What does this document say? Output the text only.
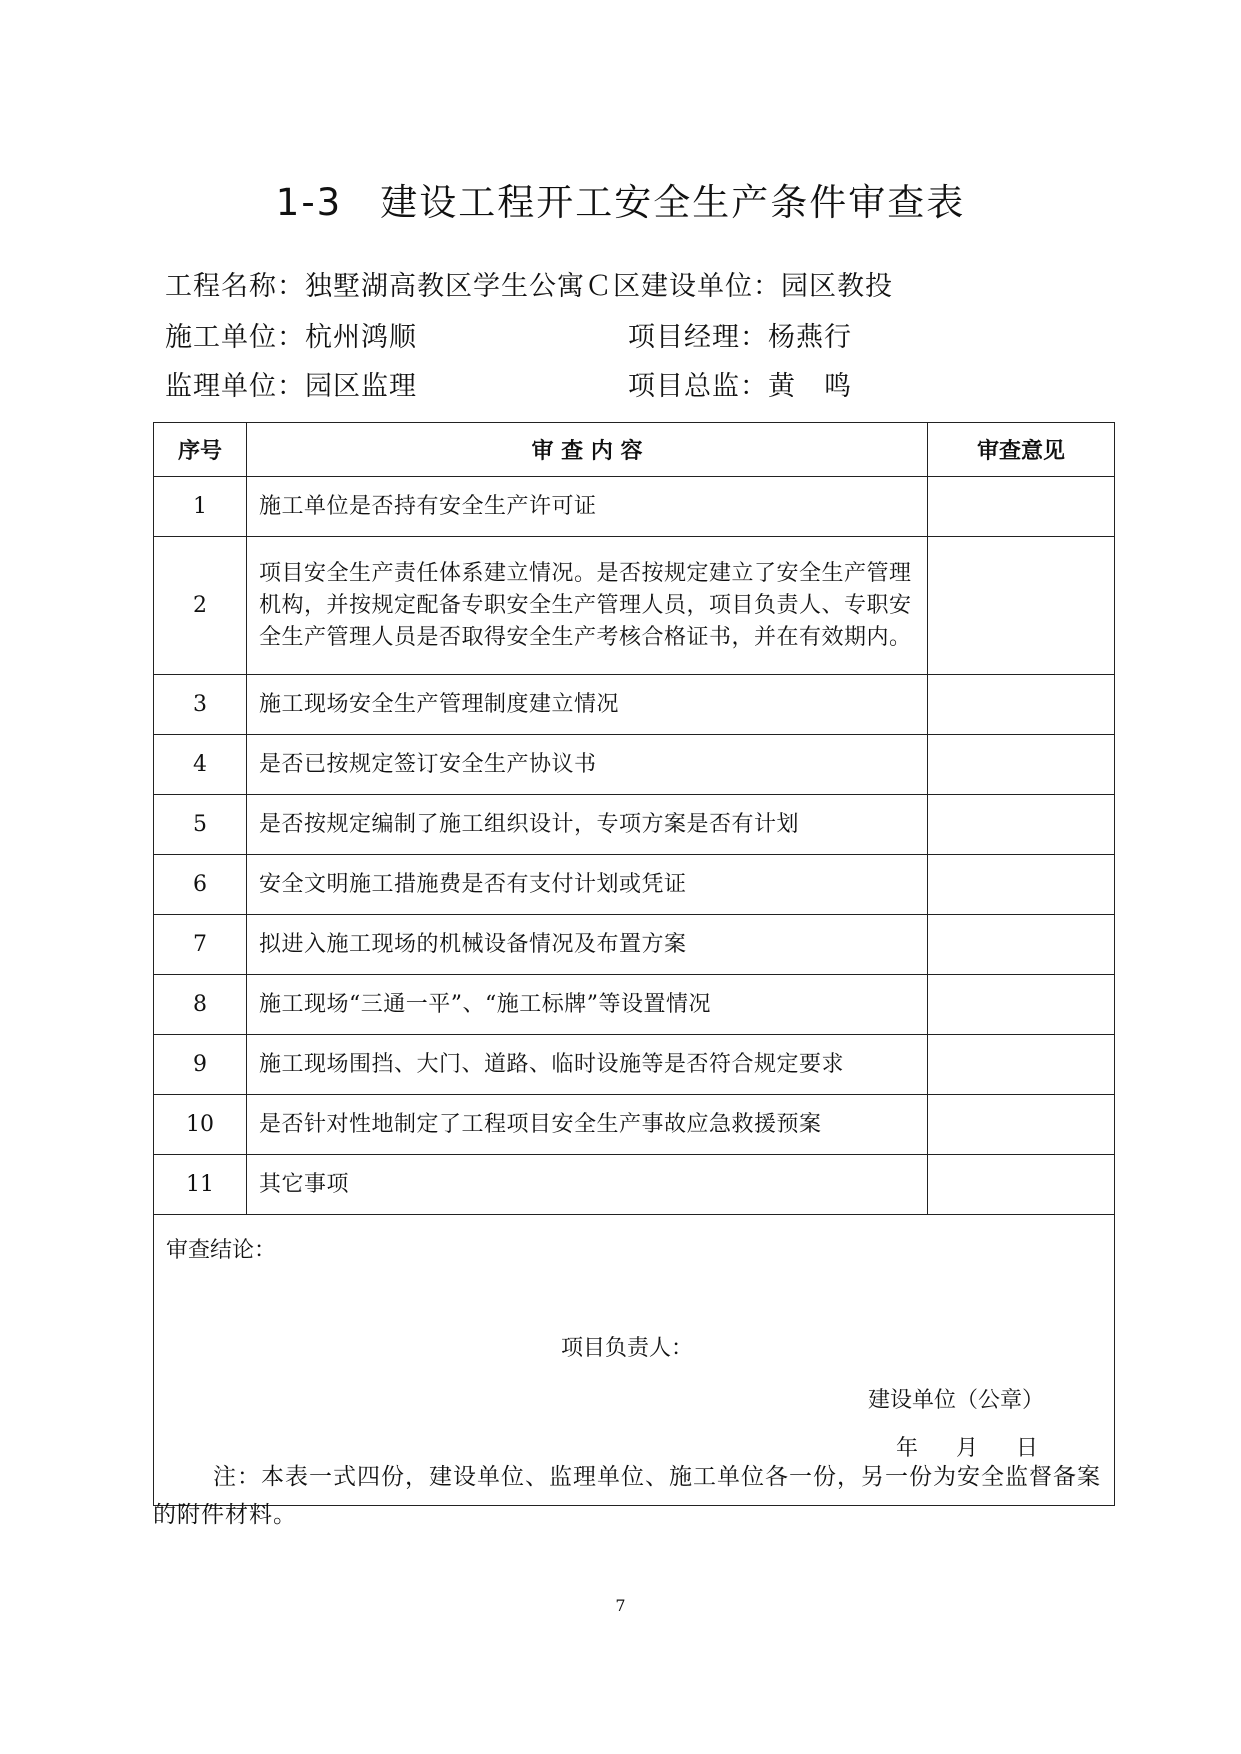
1-3 建设工程开工安全生产条件审查表
工程名称：独墅湖高教区学生公寓Ｃ区建设单位：园区教投
施工单位：杭州鸿顺	项目经理：杨燕行
监理单位：园区监理	项目总监：黄　鸣
序号	审 查 内 容	审查意见
1	施工单位是否持有安全生产许可证	
2	项目安全生产责任体系建立情况。是否按规定建立了安全生产管理机构，并按规定配备专职安全生产管理人员，项目负责人、专职安全生产管理人员是否取得安全生产考核合格证书，并在有效期内。	
3	施工现场安全生产管理制度建立情况	
4	是否已按规定签订安全生产协议书	
5	是否按规定编制了施工组织设计，专项方案是否有计划	
6	安全文明施工措施费是否有支付计划或凭证	
7	拟进入施工现场的机械设备情况及布置方案	
8	施工现场“三通一平”、“施工标牌”等设置情况	
9	施工现场围挡、大门、道路、临时设施等是否符合规定要求	
10	是否针对性地制定了工程项目安全生产事故应急救援预案	
11	其它事项	

审查结论：
项目负责人：
建设单位（公章）
年 月 日		
注：本表一式四份，建设单位、监理单位、施工单位各一份，另一份为安全监督备案的附件材料。
7
